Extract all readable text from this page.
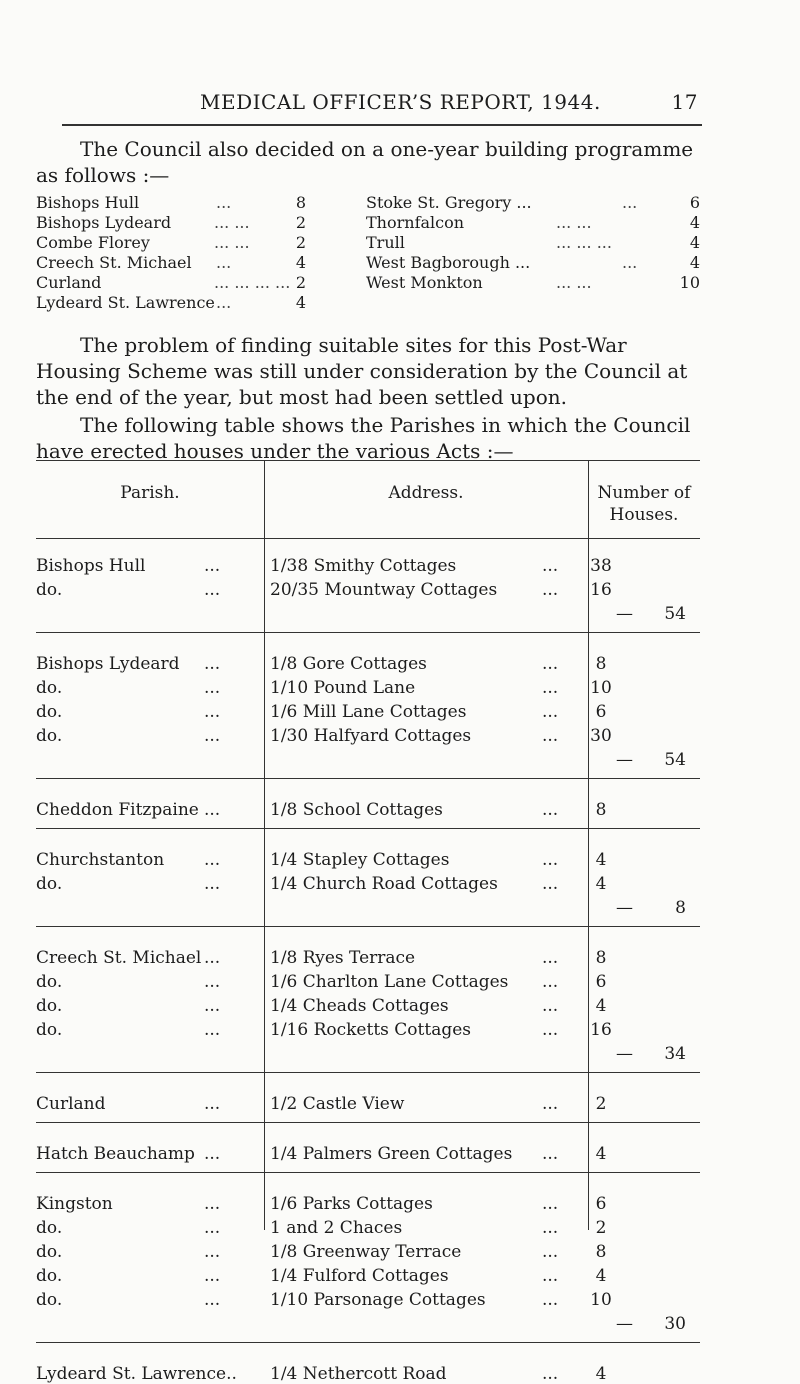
MEDICAL OFFICER’S REPORT, 1944.	17
The Council also decided on a one-year building programme
as follows :—
Bishops Hull	...	8
Bishops Lydeard	... ...	2
Combe Florey	... ...	2
Creech St. Michael ...	4
Curland	... ... ... ... 2
Lydeard St. Lawrence ...	4
Stoke St. Gregory ...	...	6
Thornfalcon	... ...	4
Trull	... ... ...	4
West Bagborough ...	...	4
West Monkton	... ...	10
The problem of finding suitable sites for this Post-War
Housing Scheme was still under consideration by the Council at
the end of the year, but most had been settled upon.
The following table shows the Parishes in which the Council
have erected houses under the various Acts :—
Parish.	Address.	Number of
Houses.
Bishops Hull	...	1/38 Smithy Cottages	...	38
do.	...	20/35 Mountway Cottages	...	16
—	54
Bishops Lydeard ...	1/8 Gore Cottages	...	8
do.	...	1/10 Pound Lane	...	10
do.	...	1/6 Mill Lane Cottages	...	6
do.	...	1/30 Halfyard Cottages	...	30
—	54
Cheddon Fitzpaine ...	1/8 School Cottages	...	8
Churchstanton ...	1/4 Stapley Cottages	...	4
do.	...	1/4 Church Road Cottages	...	4
—	8
Creech St. Michael ...	1/8 Ryes Terrace	...	8
do.	...	1/6 Charlton Lane Cottages ...	6
do.	...	1/4 Cheads Cottages	...	4
do.	...	1/16 Rocketts Cottages	...	16
—	34
Curland	...	1/2 Castle View	...	2
Hatch Beauchamp ...	1/4 Palmers Green Cottages ...	4
Kingston	...	1/6 Parks Cottages	...	6
do.	...	1 and 2 Chaces	...	2
do.	...	1/8 Greenway Terrace	...	8
do.	...	1/4 Fulford Cottages	...	4
do.	...	1/10 Parsonage Cottages	...	10
—	30
Lydeard St. Lawrence.. 1/4 Nethercott Road	...	4
